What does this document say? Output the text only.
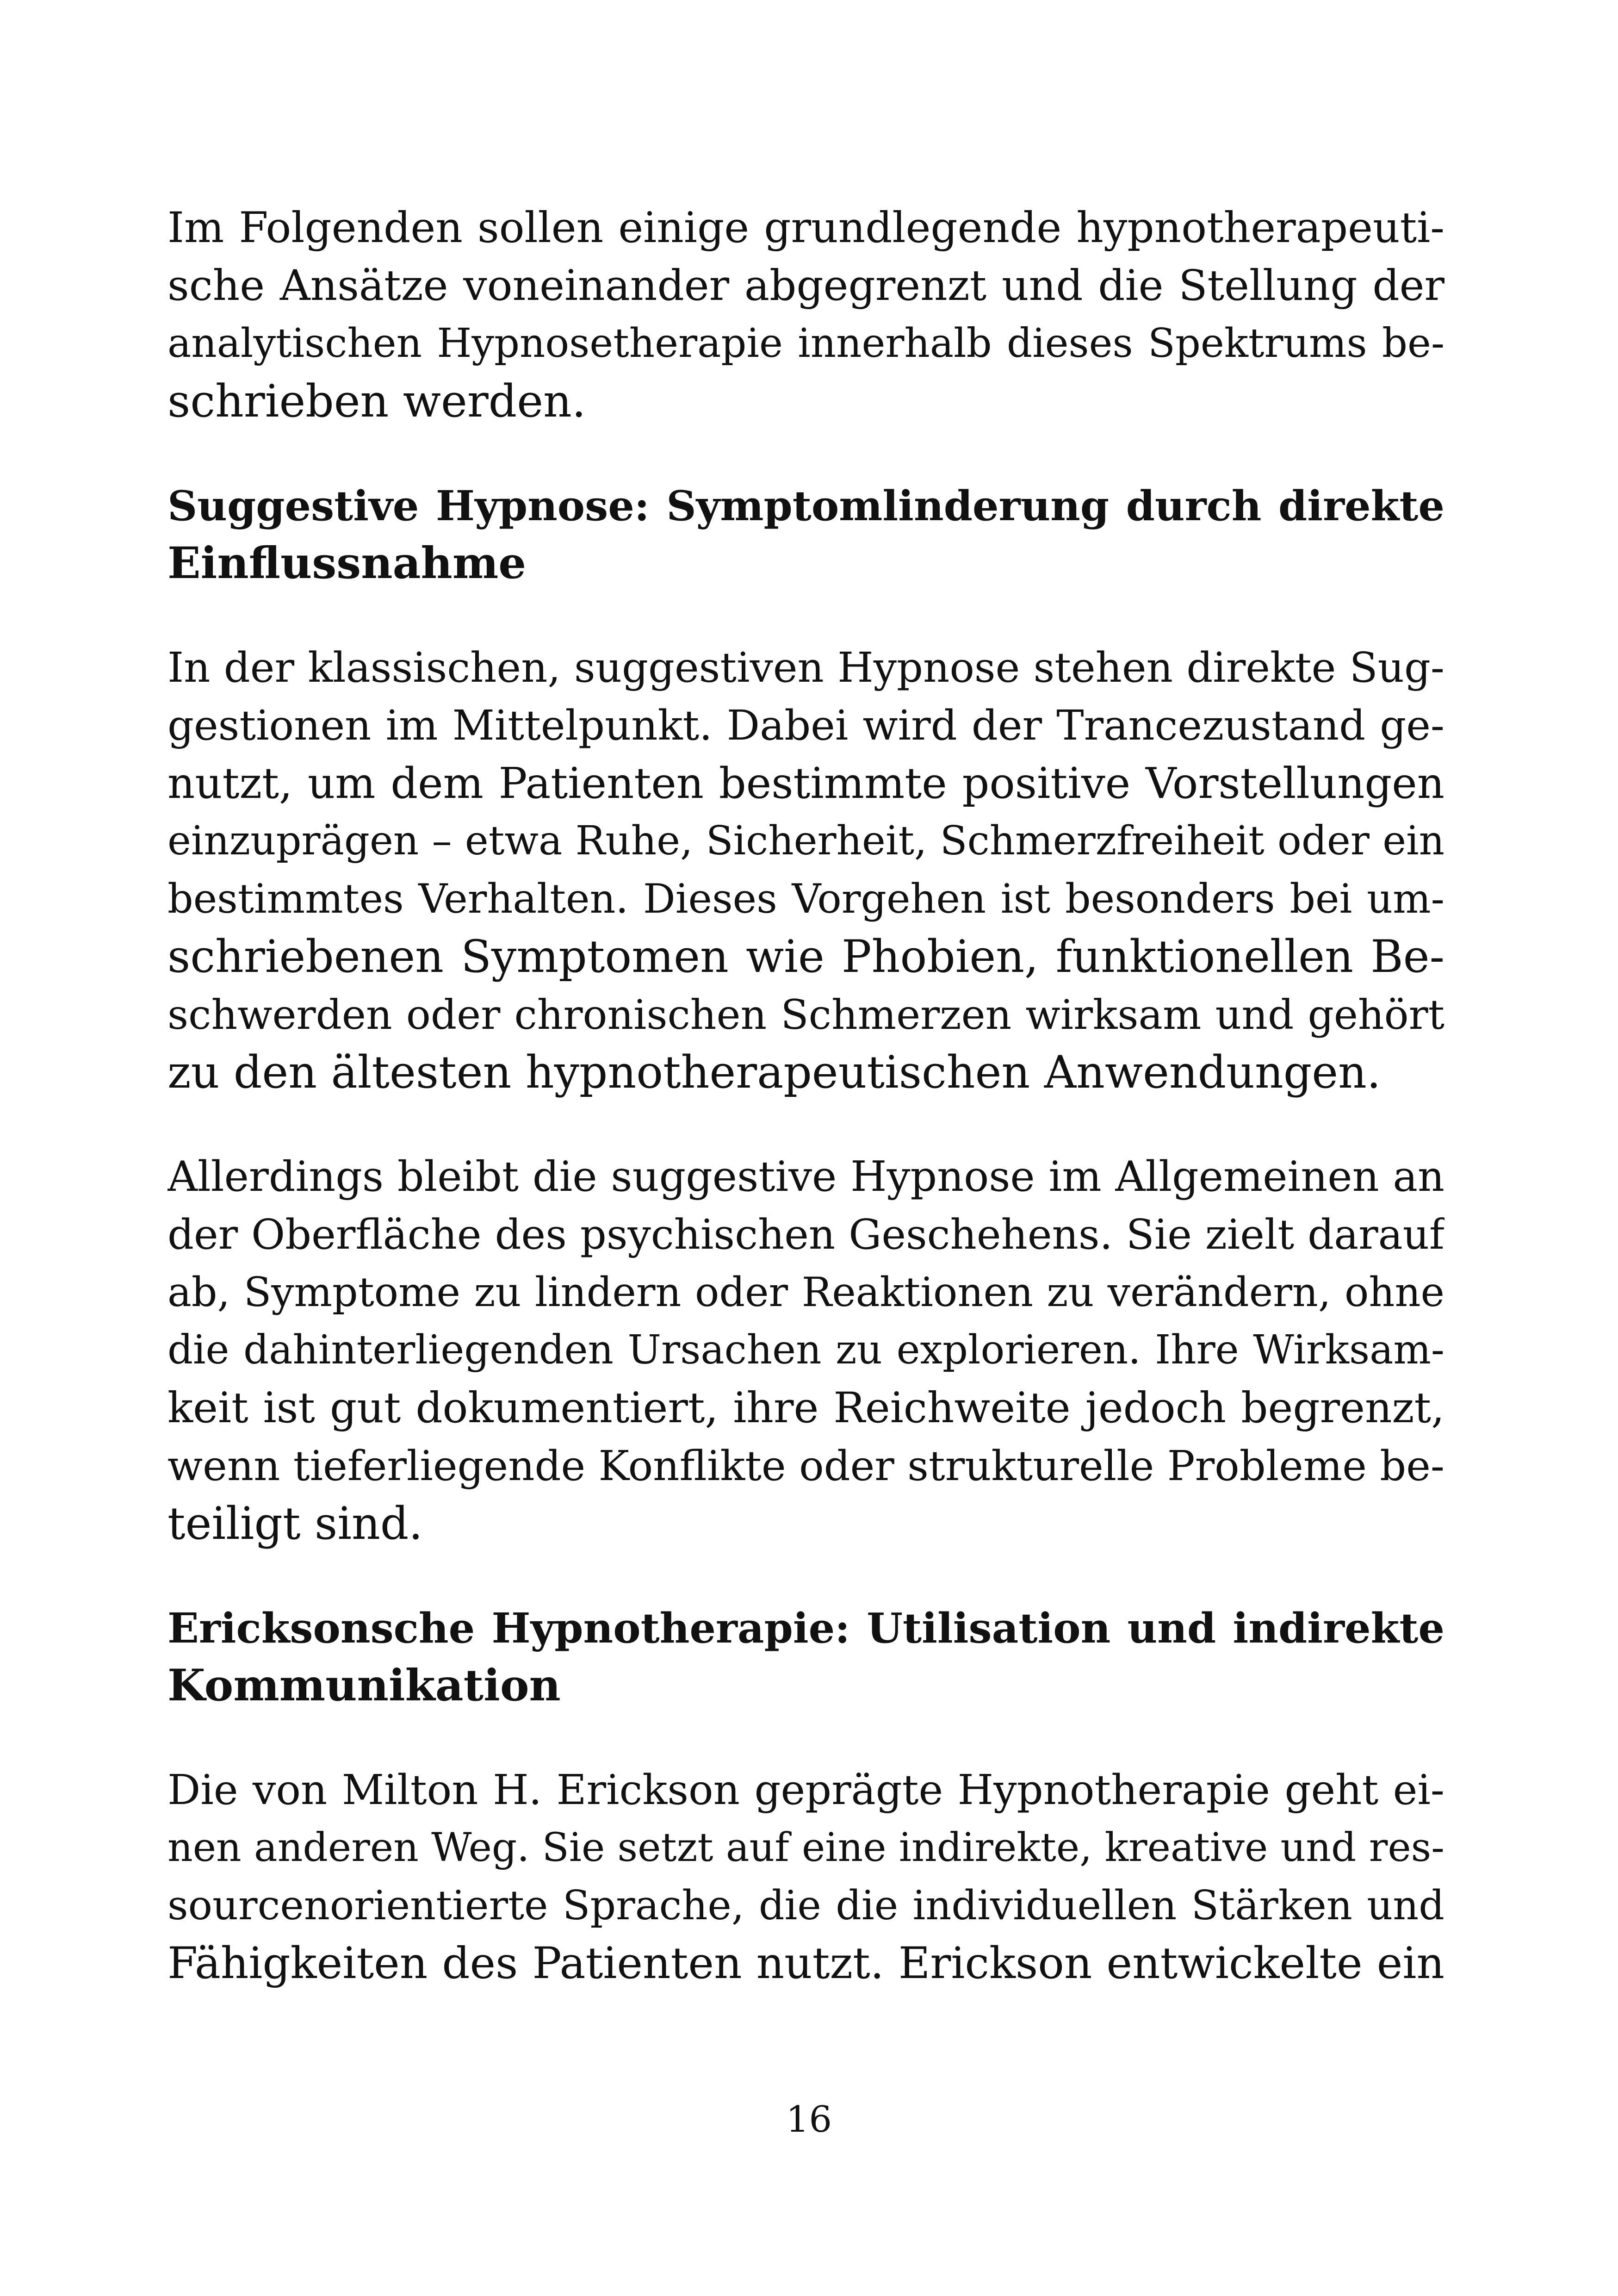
Im Folgenden sollen einige grundlegende hypnotherapeuti-
sche Ansätze voneinander abgegrenzt und die Stellung der
analytischen Hypnosetherapie innerhalb dieses Spektrums be-
schrieben werden.
Suggestive Hypnose: Symptomlinderung durch direkte
Einflussnahme
In der klassischen, suggestiven Hypnose stehen direkte Sug-
gestionen im Mittelpunkt. Dabei wird der Trancezustand ge-
nutzt, um dem Patienten bestimmte positive Vorstellungen
einzuprägen – etwa Ruhe, Sicherheit, Schmerzfreiheit oder ein
bestimmtes Verhalten. Dieses Vorgehen ist besonders bei um-
schriebenen Symptomen wie Phobien, funktionellen Be-
schwerden oder chronischen Schmerzen wirksam und gehört
zu den ältesten hypnotherapeutischen Anwendungen.
Allerdings bleibt die suggestive Hypnose im Allgemeinen an
der Oberfläche des psychischen Geschehens. Sie zielt darauf
ab, Symptome zu lindern oder Reaktionen zu verändern, ohne
die dahinterliegenden Ursachen zu explorieren. Ihre Wirksam-
keit ist gut dokumentiert, ihre Reichweite jedoch begrenzt,
wenn tieferliegende Konflikte oder strukturelle Probleme be-
teiligt sind.
Ericksonsche Hypnotherapie: Utilisation und indirekte
Kommunikation
Die von Milton H. Erickson geprägte Hypnotherapie geht ei-
nen anderen Weg. Sie setzt auf eine indirekte, kreative und res-
sourcenorientierte Sprache, die die individuellen Stärken und
Fähigkeiten des Patienten nutzt. Erickson entwickelte ein
16
